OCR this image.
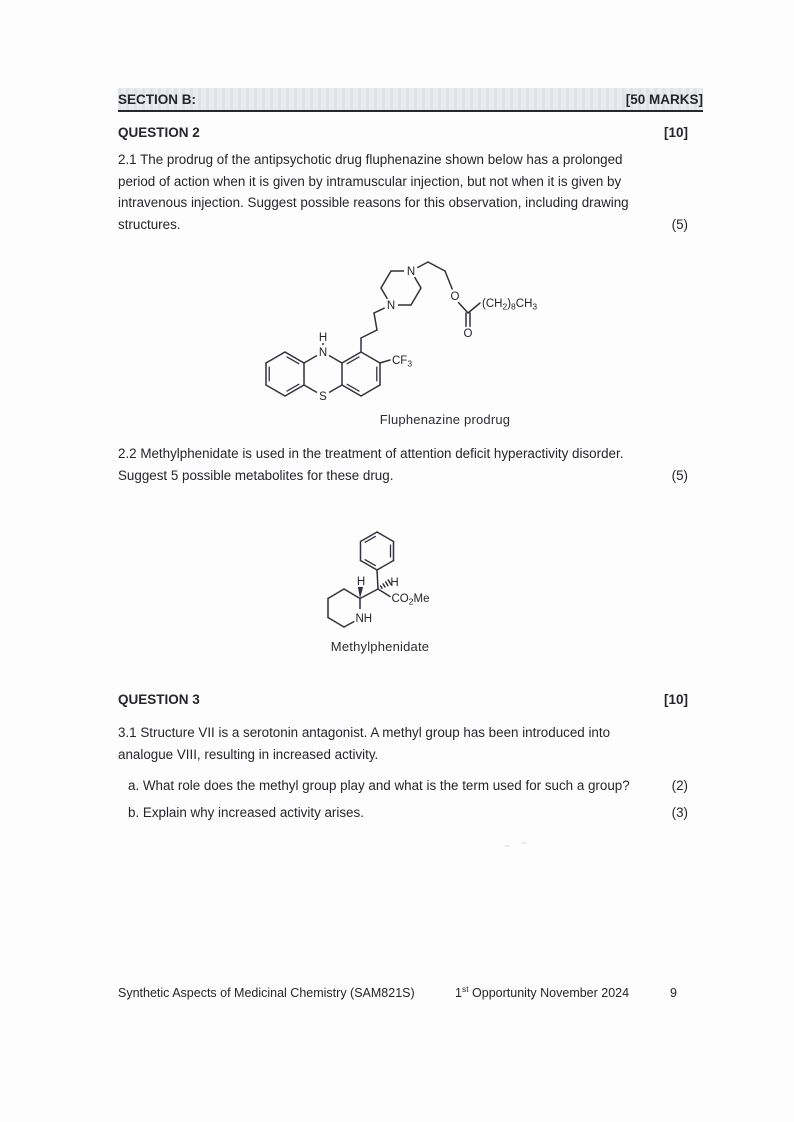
SECTION B:	[50 MARKS]
QUESTION 2	[10]
2.1 The prodrug of the antipsychotic drug fluphenazine shown below has a prolonged period of action when it is given by intramuscular injection, but not when it is given by intravenous injection. Suggest possible reasons for this observation, including drawing structures.	(5)
H
N
S
N
N
O
O
$CF_3$
$(CH_2)_8CH_3$
Fluphenazine prodrug
2.2 Methylphenidate is used in the treatment of attention deficit hyperactivity disorder. Suggest 5 possible metabolites for these drug.	(5)
H H
NH
$CO_2Me$
Methylphenidate
QUESTION 3	[10]
3.1 Structure VII is a serotonin antagonist. A methyl group has been introduced into analogue VIII, resulting in increased activity.
a. What role does the methyl group play and what is the term used for such a group?	(2)
b. Explain why increased activity arises.	(3)
Synthetic Aspects of Medicinal Chemistry (SAM821S)	1st Opportunity November 2024	9
